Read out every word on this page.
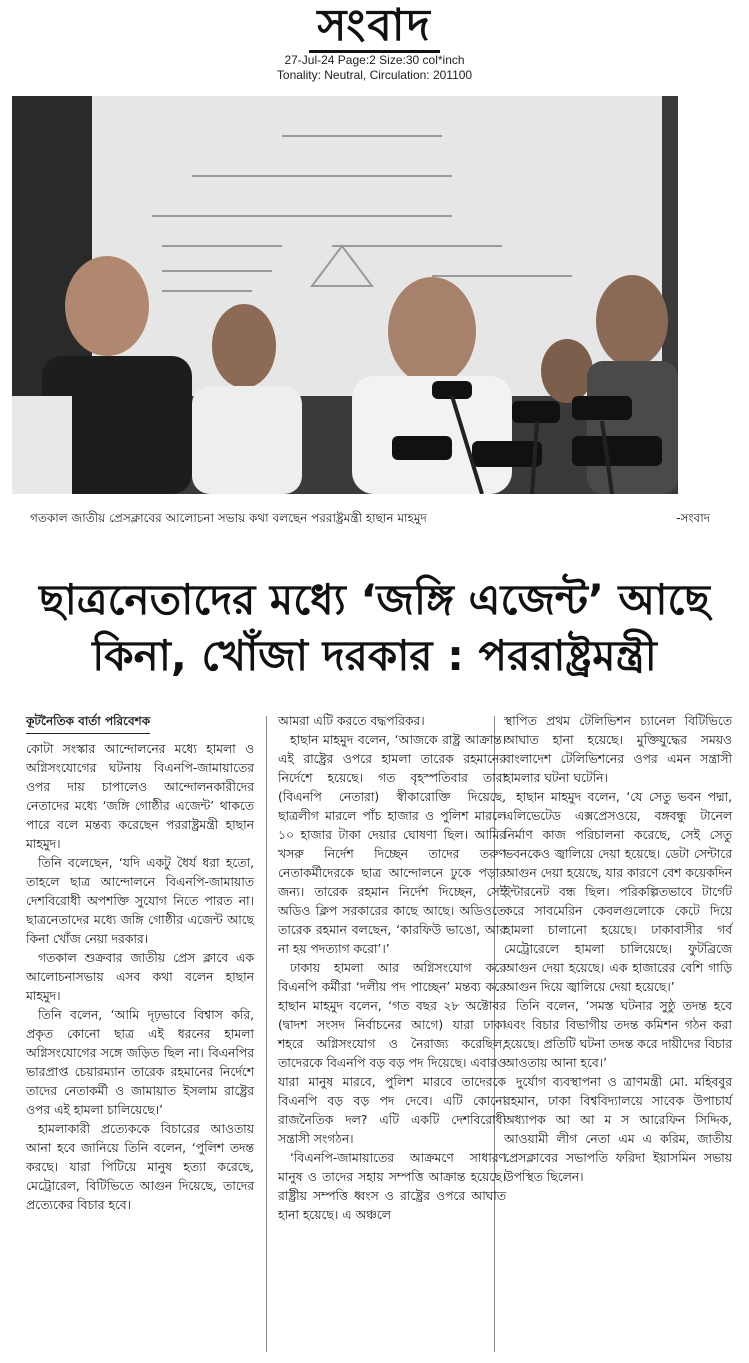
সংবাদ
27-Jul-24 Page:2 Size:30 col*inch
Tonality: Neutral, Circulation: 201100
গতকাল জাতীয় প্রেসক্লাবের আলোচনা সভায় কথা বলছেন পররাষ্ট্রমন্ত্রী হাছান মাহমুদ	-সংবাদ
ছাত্রনেতাদের মধ্যে ‘জঙ্গি এজেন্ট’ আছে
কিনা, খোঁজা দরকার : পররাষ্ট্রমন্ত্রী
কূটনৈতিক বার্তা পরিবেশক

কোটা সংস্কার আন্দোলনের মধ্যে হামলা ও অগ্নিসংযোগের ঘটনায় বিএনপি-জামায়াতের ওপর দায় চাপালেও আন্দোলনকারীদের নেতাদের মধ্যে ‘জঙ্গি গোষ্ঠীর এজেন্ট’ থাকতে পারে বলে মন্তব্য করেছেন পররাষ্ট্রমন্ত্রী হাছান মাহমুদ।

তিনি বলেছেন, ‘যদি একটু ধৈর্য ধরা হতো, তাহলে ছাত্র আন্দোলনে বিএনপি-জামায়াত দেশবিরোধী অপশক্তি সুযোগ নিতে পারত না। ছাত্রনেতাদের মধ্যে জঙ্গি গোষ্ঠীর এজেন্ট আছে কিনা খোঁজ নেয়া দরকার।

গতকাল শুক্রবার জাতীয় প্রেস ক্লাবে এক আলোচনাসভায় এসব কথা বলেন হাছান মাহমুদ।

তিনি বলেন, ‘আমি দৃঢ়ভাবে বিশ্বাস করি, প্রকৃত কোনো ছাত্র এই ধরনের হামলা অগ্নিসংযোগের সঙ্গে জড়িত ছিল না। বিএনপির ভারপ্রাপ্ত চেয়ারম্যান তারেক রহমানের নির্দেশে তাদের নেতাকর্মী ও জামায়াত ইসলাম রাষ্ট্রের ওপর এই হামলা চালিয়েছে।’

হামলাকারী প্রত্যেককে বিচারের আওতায় আনা হবে জানিয়ে তিনি বলেন, ‘পুলিশ তদন্ত করছে। যারা পিটিয়ে মানুষ হত্যা করেছে, মেট্রোরেল, বিটিভিতে আগুন দিয়েছে, তাদের প্রত্যেকের বিচার হবে।

আমরা এটি করতে বদ্ধপরিকর।

হাছান মাহমুদ বলেন, ‘আজকে রাষ্ট্র আক্রান্ত। এই রাষ্ট্রের ওপরে হামলা তারেক রহমানের নির্দেশে হয়েছে। গত বৃহস্পতিবার তারা (বিএনপি নেতারা) স্বীকারোক্তি দিয়েছে, ছাত্রলীগ মারলে পাঁচ হাজার ও পুলিশ মারলে ১০ হাজার টাকা দেয়ার ঘোষণা ছিল। আমির খসরু নির্দেশ দিচ্ছেন তাদের তরুণ নেতাকর্মীদেরকে ছাত্র আন্দোলনে ঢুকে পড়ার জন্য। তারেক রহমান নির্দেশ দিচ্ছেন, সেই অডিও ক্লিপ সরকারের কাছে আছে। অডিওতে তারেক রহমান বলছেন, ‘কারফিউ ভাঙো, আর না হয় পদত্যাগ করো’।’

ঢাকায় হামলা আর অগ্নিসংযোগ করে বিএনপি কর্মীরা ‘দলীয় পদ পাচ্ছেন’ মন্তব্য করে হাছান মাহমুদ বলেন, ‘গত বছর ২৮ অক্টোবর (দ্বাদশ সংসদ নির্বাচনের আগে) যারা ঢাকা শহরে অগ্নিসংযোগ ও নৈরাজ্য করেছিল, তাদেরকে বিএনপি বড় বড় পদ দিয়েছে। এবারও যারা মানুষ মারবে, পুলিশ মারবে তাদেরকে বিএনপি বড় বড় পদ দেবে। এটি কোনো রাজনৈতিক দল? এটি একটি দেশবিরোধী সন্ত্রাসী সংগঠন।

‘বিএনপি-জামায়াতের আক্রমণে সাধারণ মানুষ ও তাদের সহায় সম্পত্তি আক্রান্ত হয়েছে। রাষ্ট্রীয় সম্পত্তি ধ্বংস ও রাষ্ট্রের ওপরে আঘাত হানা হয়েছে। এ অঞ্চলে

স্থাপিত প্রথম টেলিভিশন চ্যানেল বিটিভিতে আঘাত হানা হয়েছে। মুক্তিযুদ্ধের সময়ও বাংলাদেশ টেলিভিশনের ওপর এমন সন্ত্রাসী হামলার ঘটনা ঘটেনি।

হাছান মাহমুদ বলেন, ‘যে সেতু ভবন পদ্মা, এলিভেটেড এক্সপ্রেসওয়ে, বঙ্গবন্ধু টানেল নির্মাণ কাজ পরিচালনা করেছে, সেই সেতু ভবনকেও জ্বালিয়ে দেয়া হয়েছে। ডেটা সেন্টারে আগুন দেয়া হয়েছে, যার কারণে বেশ কয়েকদিন ইন্টারনেট বন্ধ ছিল। পরিকল্পিতভাবে টার্গেট করে সাবমেরিন কেবলগুলোকে কেটে দিয়ে হামলা চালানো হয়েছে। ঢাকাবাসীর গর্ব মেট্রোরেলে হামলা চালিয়েছে। ফুটব্রিজে আগুন দেয়া হয়েছে। এক হাজারের বেশি গাড়ি আগুন দিয়ে জ্বালিয়ে দেয়া হয়েছে।’

তিনি বলেন, ‘সমস্ত ঘটনার সুষ্ঠু তদন্ত হবে এবং বিচার বিভাগীয় তদন্ত কমিশন গঠন করা হয়েছে। প্রতিটি ঘটনা তদন্ত করে দায়ীদের বিচার আওতায় আনা হবে।’

দুর্যোগ ব্যবস্থাপনা ও ত্রাণমন্ত্রী মো. মহিববুর রহমান, ঢাকা বিশ্ববিদ্যালয়ে সাবেক উপাচার্য অধ্যাপক আ আ ম স আরেফিন সিদ্দিক, আওয়ামী লীগ নেতা এম এ করিম, জাতীয় প্রেসক্লাবের সভাপতি ফরিদা ইয়াসমিন সভায় উপস্থিত ছিলেন।
